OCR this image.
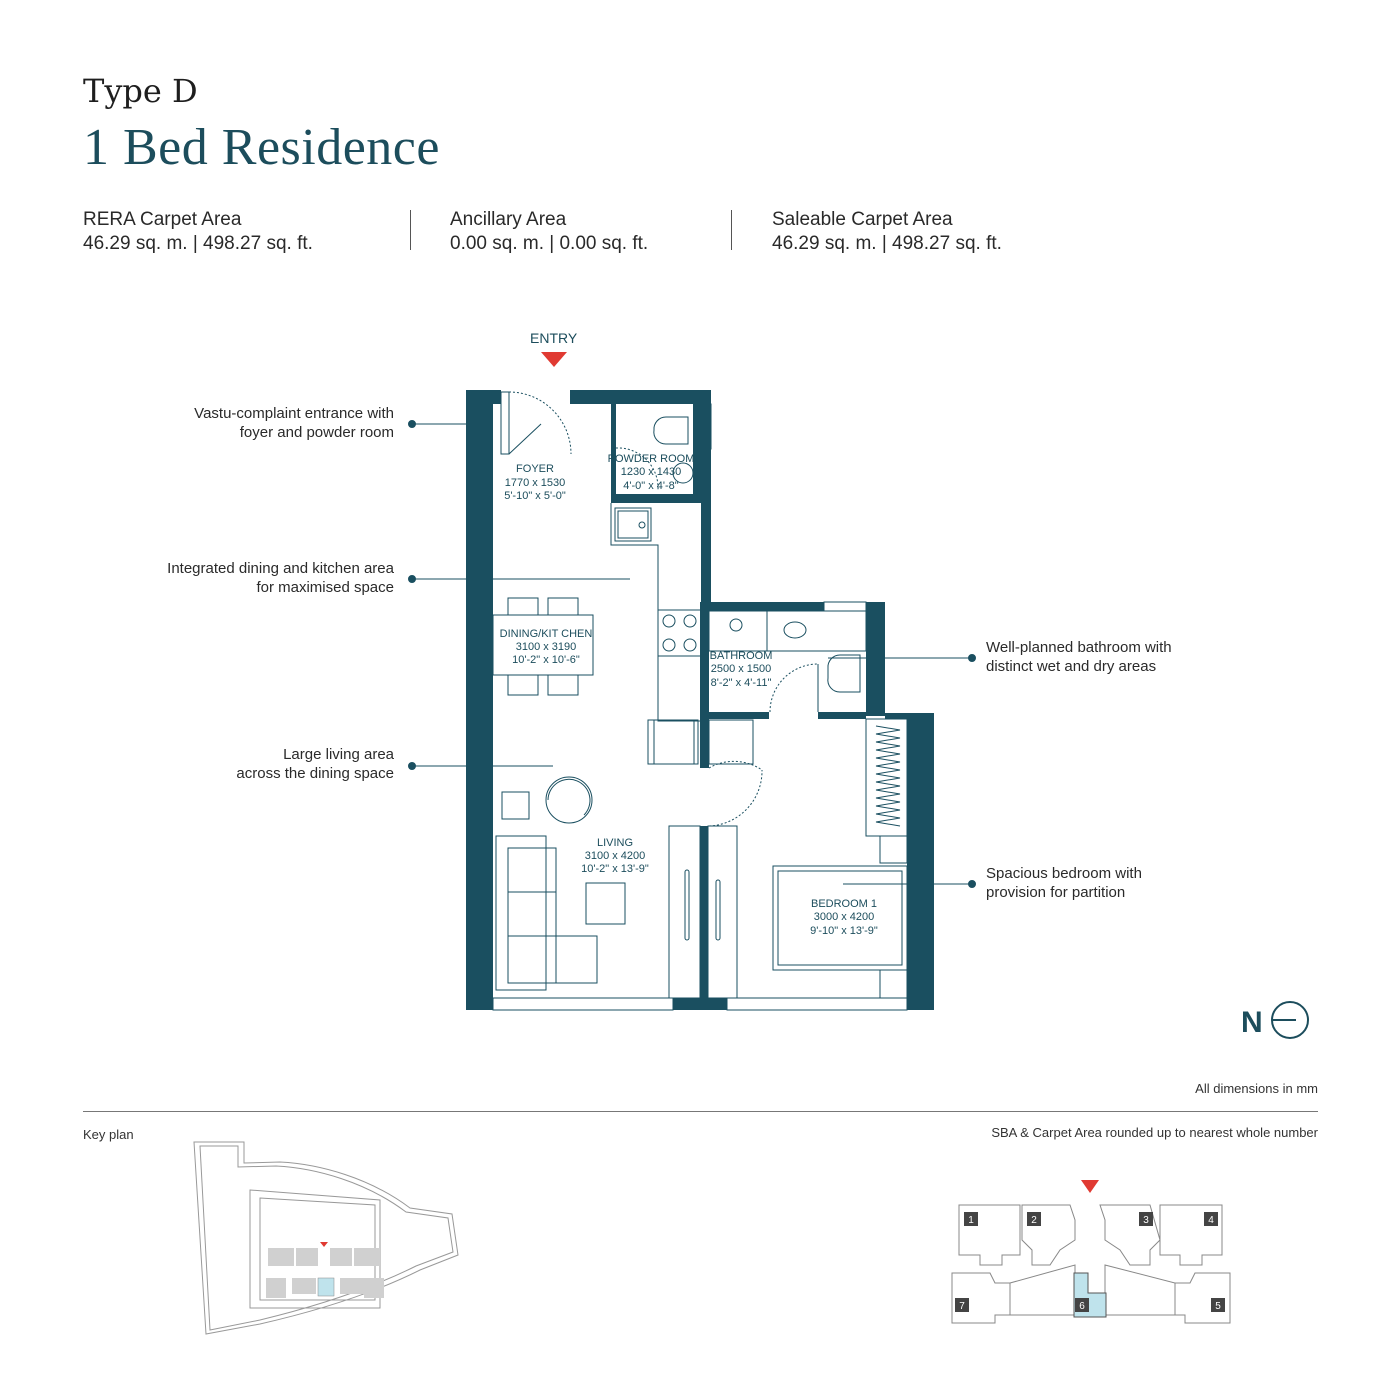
Type D
1 Bed Residence
RERA Carpet Area
46.29 sq. m. | 498.27 sq. ft.
Ancillary Area
0.00 sq. m. | 0.00 sq. ft.
Saleable Carpet Area
46.29 sq. m. | 498.27 sq. ft.
Vastu-complaint entrance with
foyer and powder room
Integrated dining and kitchen area
for maximised space
Large living area
across the dining space
Well-planned bathroom with
distinct wet and dry areas
Spacious bedroom with
provision for partition
ENTRY
FOYER
1770 x 1530
5'-10" x 5'-0"
POWDER ROOM
1230 x 1430
4'-0" x 4'-8"
DINING/KIT CHEN
3100 x 3190
10'-2" x 10'-6"	BATHROOM
2500 x 1500
8'-2" x 4'-11"
LIVING
3100 x 4200
10'-2" x 13'-9"
BEDROOM 1
3000 x 4200
9'-10" x 13'-9"
N
All dimensions in mm
Key plan	SBA & Carpet Area rounded up to nearest whole number
1	2	3	4
5
6
7
